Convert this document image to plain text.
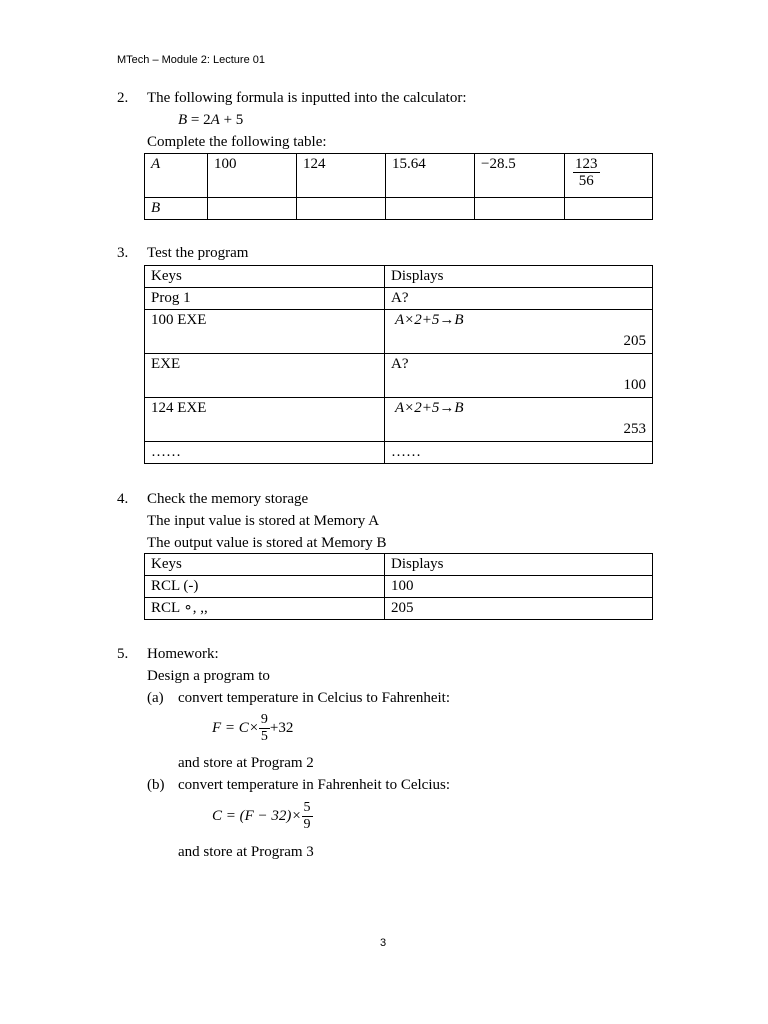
MTech – Module 2: Lecture 01
2. The following formula is inputted into the calculator:
B = 2A + 5
Complete the following table:
A	100	124	15.64	−28.5	$\frac{123}{56}$

B					
3. Test the program
Keys	Displays
Prog 1	A?
100 EXE	A×2+5→B
205

EXE	A?
100

124 EXE	A×2+5→B
253

……	……
4. Check the memory storage
The input value is stored at Memory A
The output value is stored at Memory B
Keys	Displays
RCL (-)	100
RCL ∘, ,,	205
5. Homework:
Design a program to
(a) convert temperature in Celcius to Fahrenheit:
$F = C\times \frac{9}{5} +32$
and store at Program 2
(b) convert temperature in Fahrenheit to Celcius:
$C = (F - 32)\times \frac{5}{9}$
and store at Program 3
3
